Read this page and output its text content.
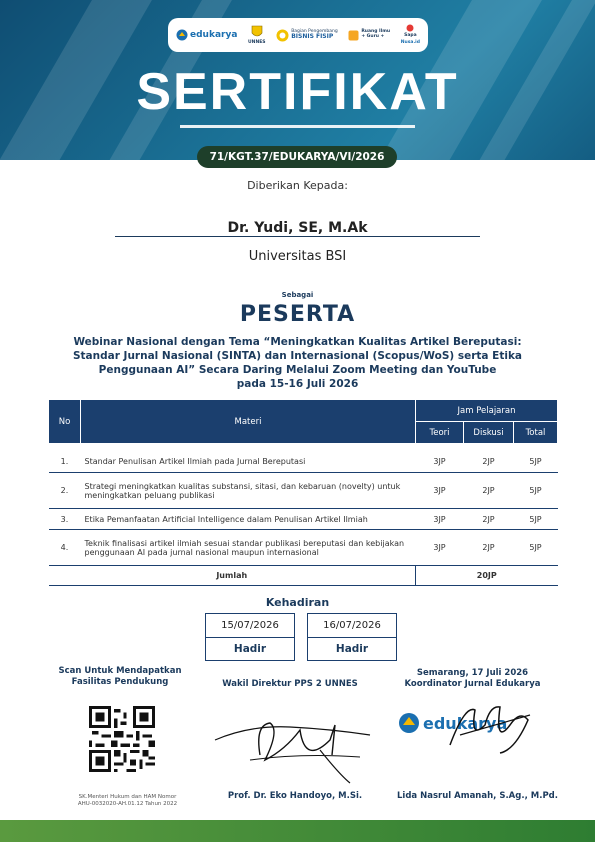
edukarya
UNNES
Bagian Pengembang
BISNIS FISIP
Ruang Ilmu
+ Guru +	Sapa
Nusa.id
SERTIFIKAT
71/KGT.37/EDUKARYA/VI/2026
Diberikan Kepada:
Dr. Yudi, SE, M.Ak
Universitas BSI
Sebagai
PESERTA
Webinar Nasional dengan Tema “Meningkatkan Kualitas Artikel Bereputasi:
Standar Jurnal Nasional (SINTA) dan Internasional (Scopus/WoS) serta Etika
Penggunaan AI” Secara Daring Melalui Zoom Meeting dan YouTube
pada 15-16 Juli 2026
No	Materi	Jam Pelajaran		
		Teori	Diskusi	Total

1.	Standar Penulisan Artikel Ilmiah pada Jurnal Bereputasi	3JP	2JP	5JP
2.	Strategi meningkatkan kualitas substansi, sitasi, dan kebaruan (novelty) untuk meningkatkan peluang publikasi	3JP	2JP	5JP
3.	Etika Pemanfaatan Artificial Intelligence dalam Penulisan Artikel Ilmiah	3JP	2JP	5JP
4.	Teknik finalisasi artikel ilmiah sesuai standar publikasi bereputasi dan kebijakan penggunaan AI pada jurnal nasional maupun internasional	3JP	2JP	5JP
Jumlah		20JP		
Kehadiran
15/07/2026
Hadir
16/07/2026
Hadir
Scan Untuk Mendapatkan
Fasilitas Pendukung
SK.Menteri Hukum dan HAM Nomor
AHU-0032020-AH.01.12 Tahun 2022
Wakil Direktur PPS 2 UNNES
Prof. Dr. Eko Handoyo, M.Si.
Semarang, 17 Juli 2026
Koordinator Jurnal Edukarya
edukarya
Lida Nasrul Amanah, S.Ag., M.Pd.
